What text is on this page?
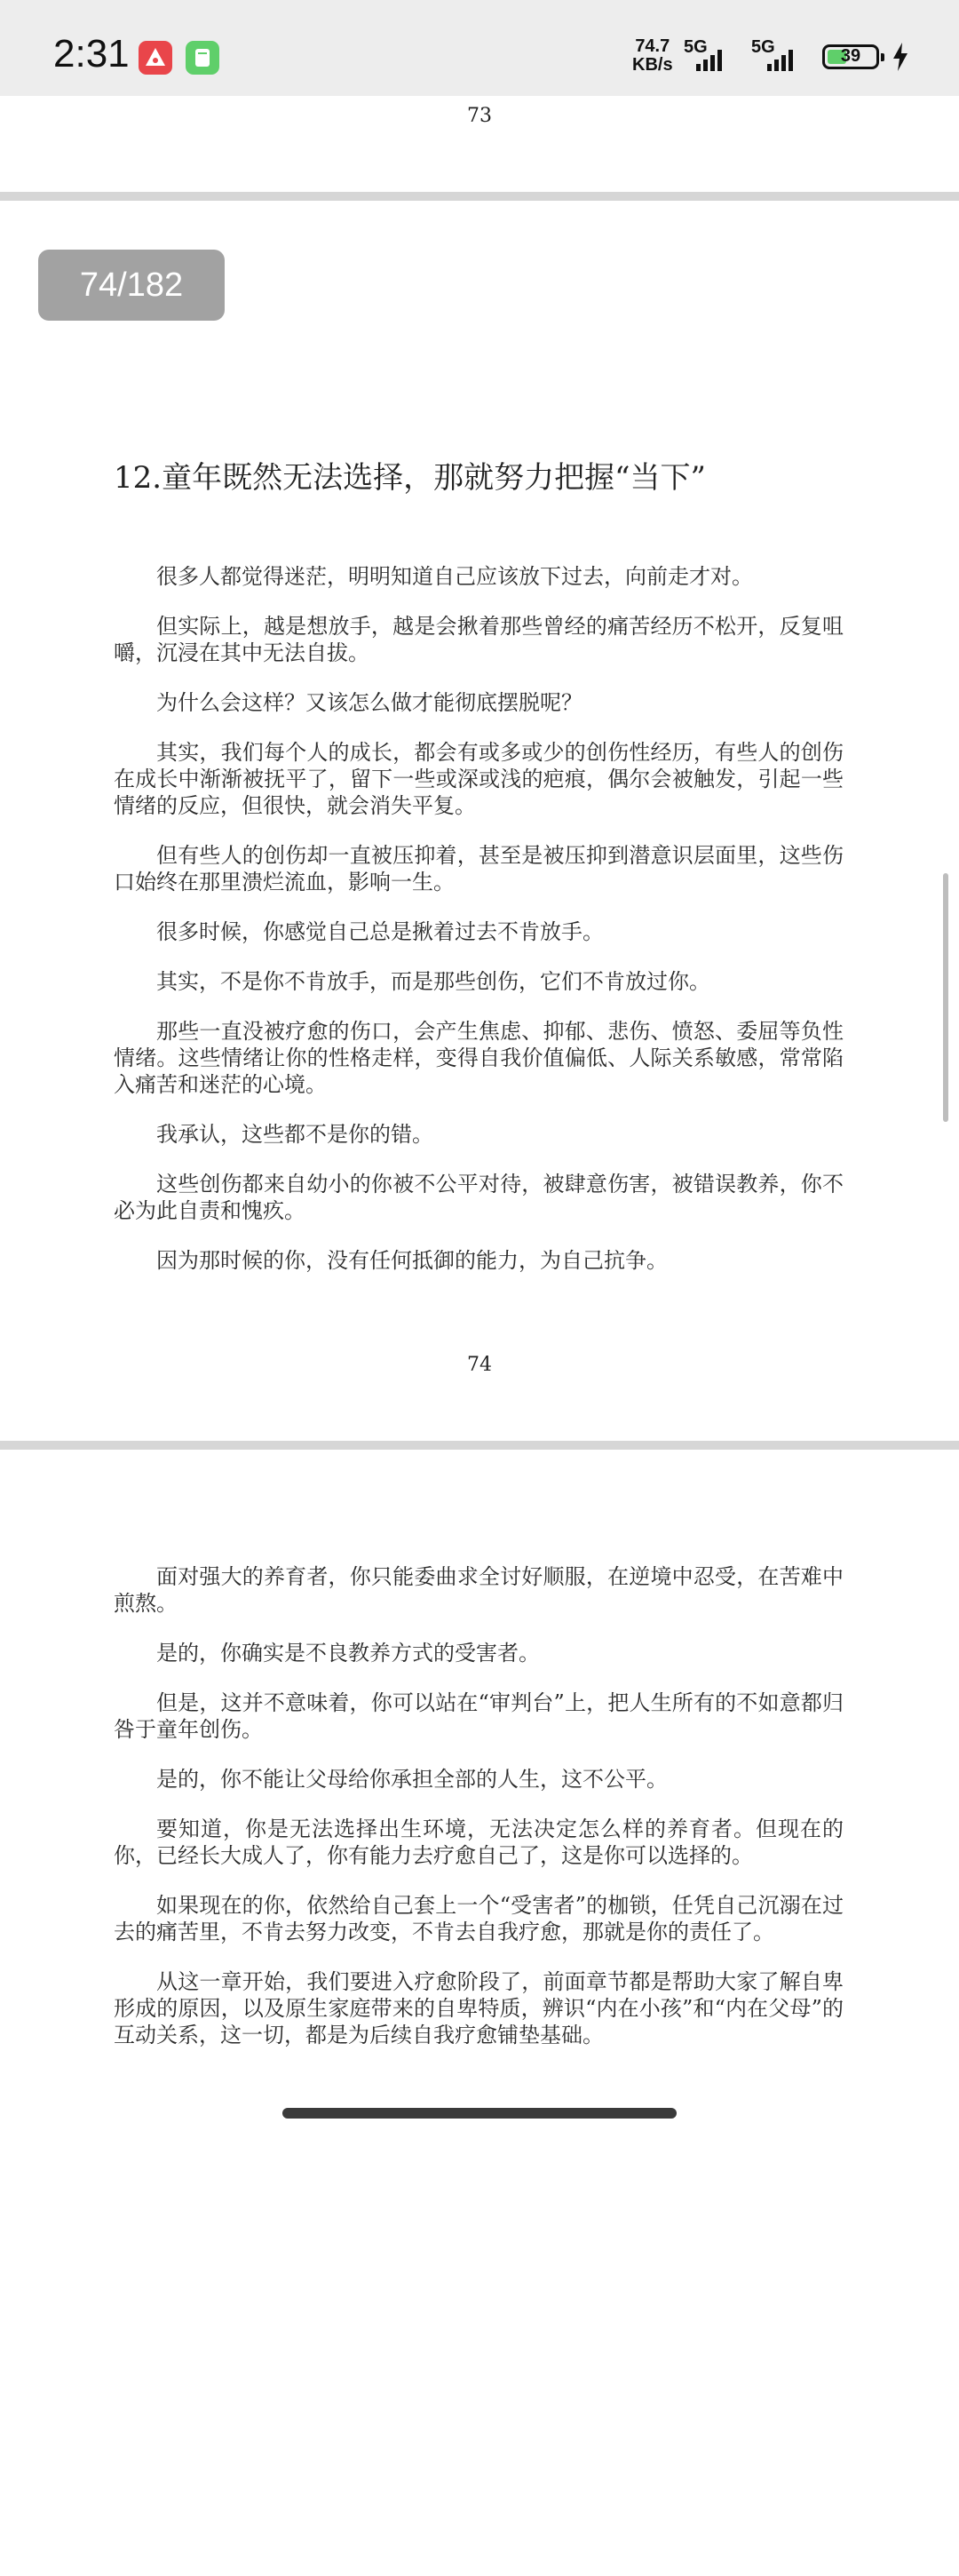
2:31	74.7
KB/s
5G 5G	39
73
74/182
12.童年既然无法选择，那就努力把握“当下”

很多人都觉得迷茫，明明知道自己应该放下过去，向前走才对。

但实际上，越是想放手，越是会揪着那些曾经的痛苦经历不松开，反复咀嚼，沉浸在其中无法自拔。

为什么会这样？又该怎么做才能彻底摆脱呢？

其实，我们每个人的成长，都会有或多或少的创伤性经历，有些人的创伤在成长中渐渐被抚平了，留下一些或深或浅的疤痕，偶尔会被触发，引起一些情绪的反应，但很快，就会消失平复。

但有些人的创伤却一直被压抑着，甚至是被压抑到潜意识层面里，这些伤口始终在那里溃烂流血，影响一生。

很多时候，你感觉自己总是揪着过去不肯放手。

其实，不是你不肯放手，而是那些创伤，它们不肯放过你。

那些一直没被疗愈的伤口，会产生焦虑、抑郁、悲伤、愤怒、委屈等负性情绪。这些情绪让你的性格走样，变得自我价值偏低、人际关系敏感，常常陷入痛苦和迷茫的心境。

我承认，这些都不是你的错。

这些创伤都来自幼小的你被不公平对待，被肆意伤害，被错误教养，你不必为此自责和愧疚。

因为那时候的你，没有任何抵御的能力，为自己抗争。

74

面对强大的养育者，你只能委曲求全讨好顺服，在逆境中忍受，在苦难中煎熬。

是的，你确实是不良教养方式的受害者。

但是，这并不意味着，你可以站在“审判台”上，把人生所有的不如意都归咎于童年创伤。

是的，你不能让父母给你承担全部的人生，这不公平。

要知道，你是无法选择出生环境，无法决定怎么样的养育者。但现在的你，已经长大成人了，你有能力去疗愈自己了，这是你可以选择的。

如果现在的你，依然给自己套上一个“受害者”的枷锁，任凭自己沉溺在过去的痛苦里，不肯去努力改变，不肯去自我疗愈，那就是你的责任了。

从这一章开始，我们要进入疗愈阶段了，前面章节都是帮助大家了解自卑形成的原因，以及原生家庭带来的自卑特质，辨识“内在小孩”和“内在父母”的互动关系，这一切，都是为后续自我疗愈铺垫基础。
